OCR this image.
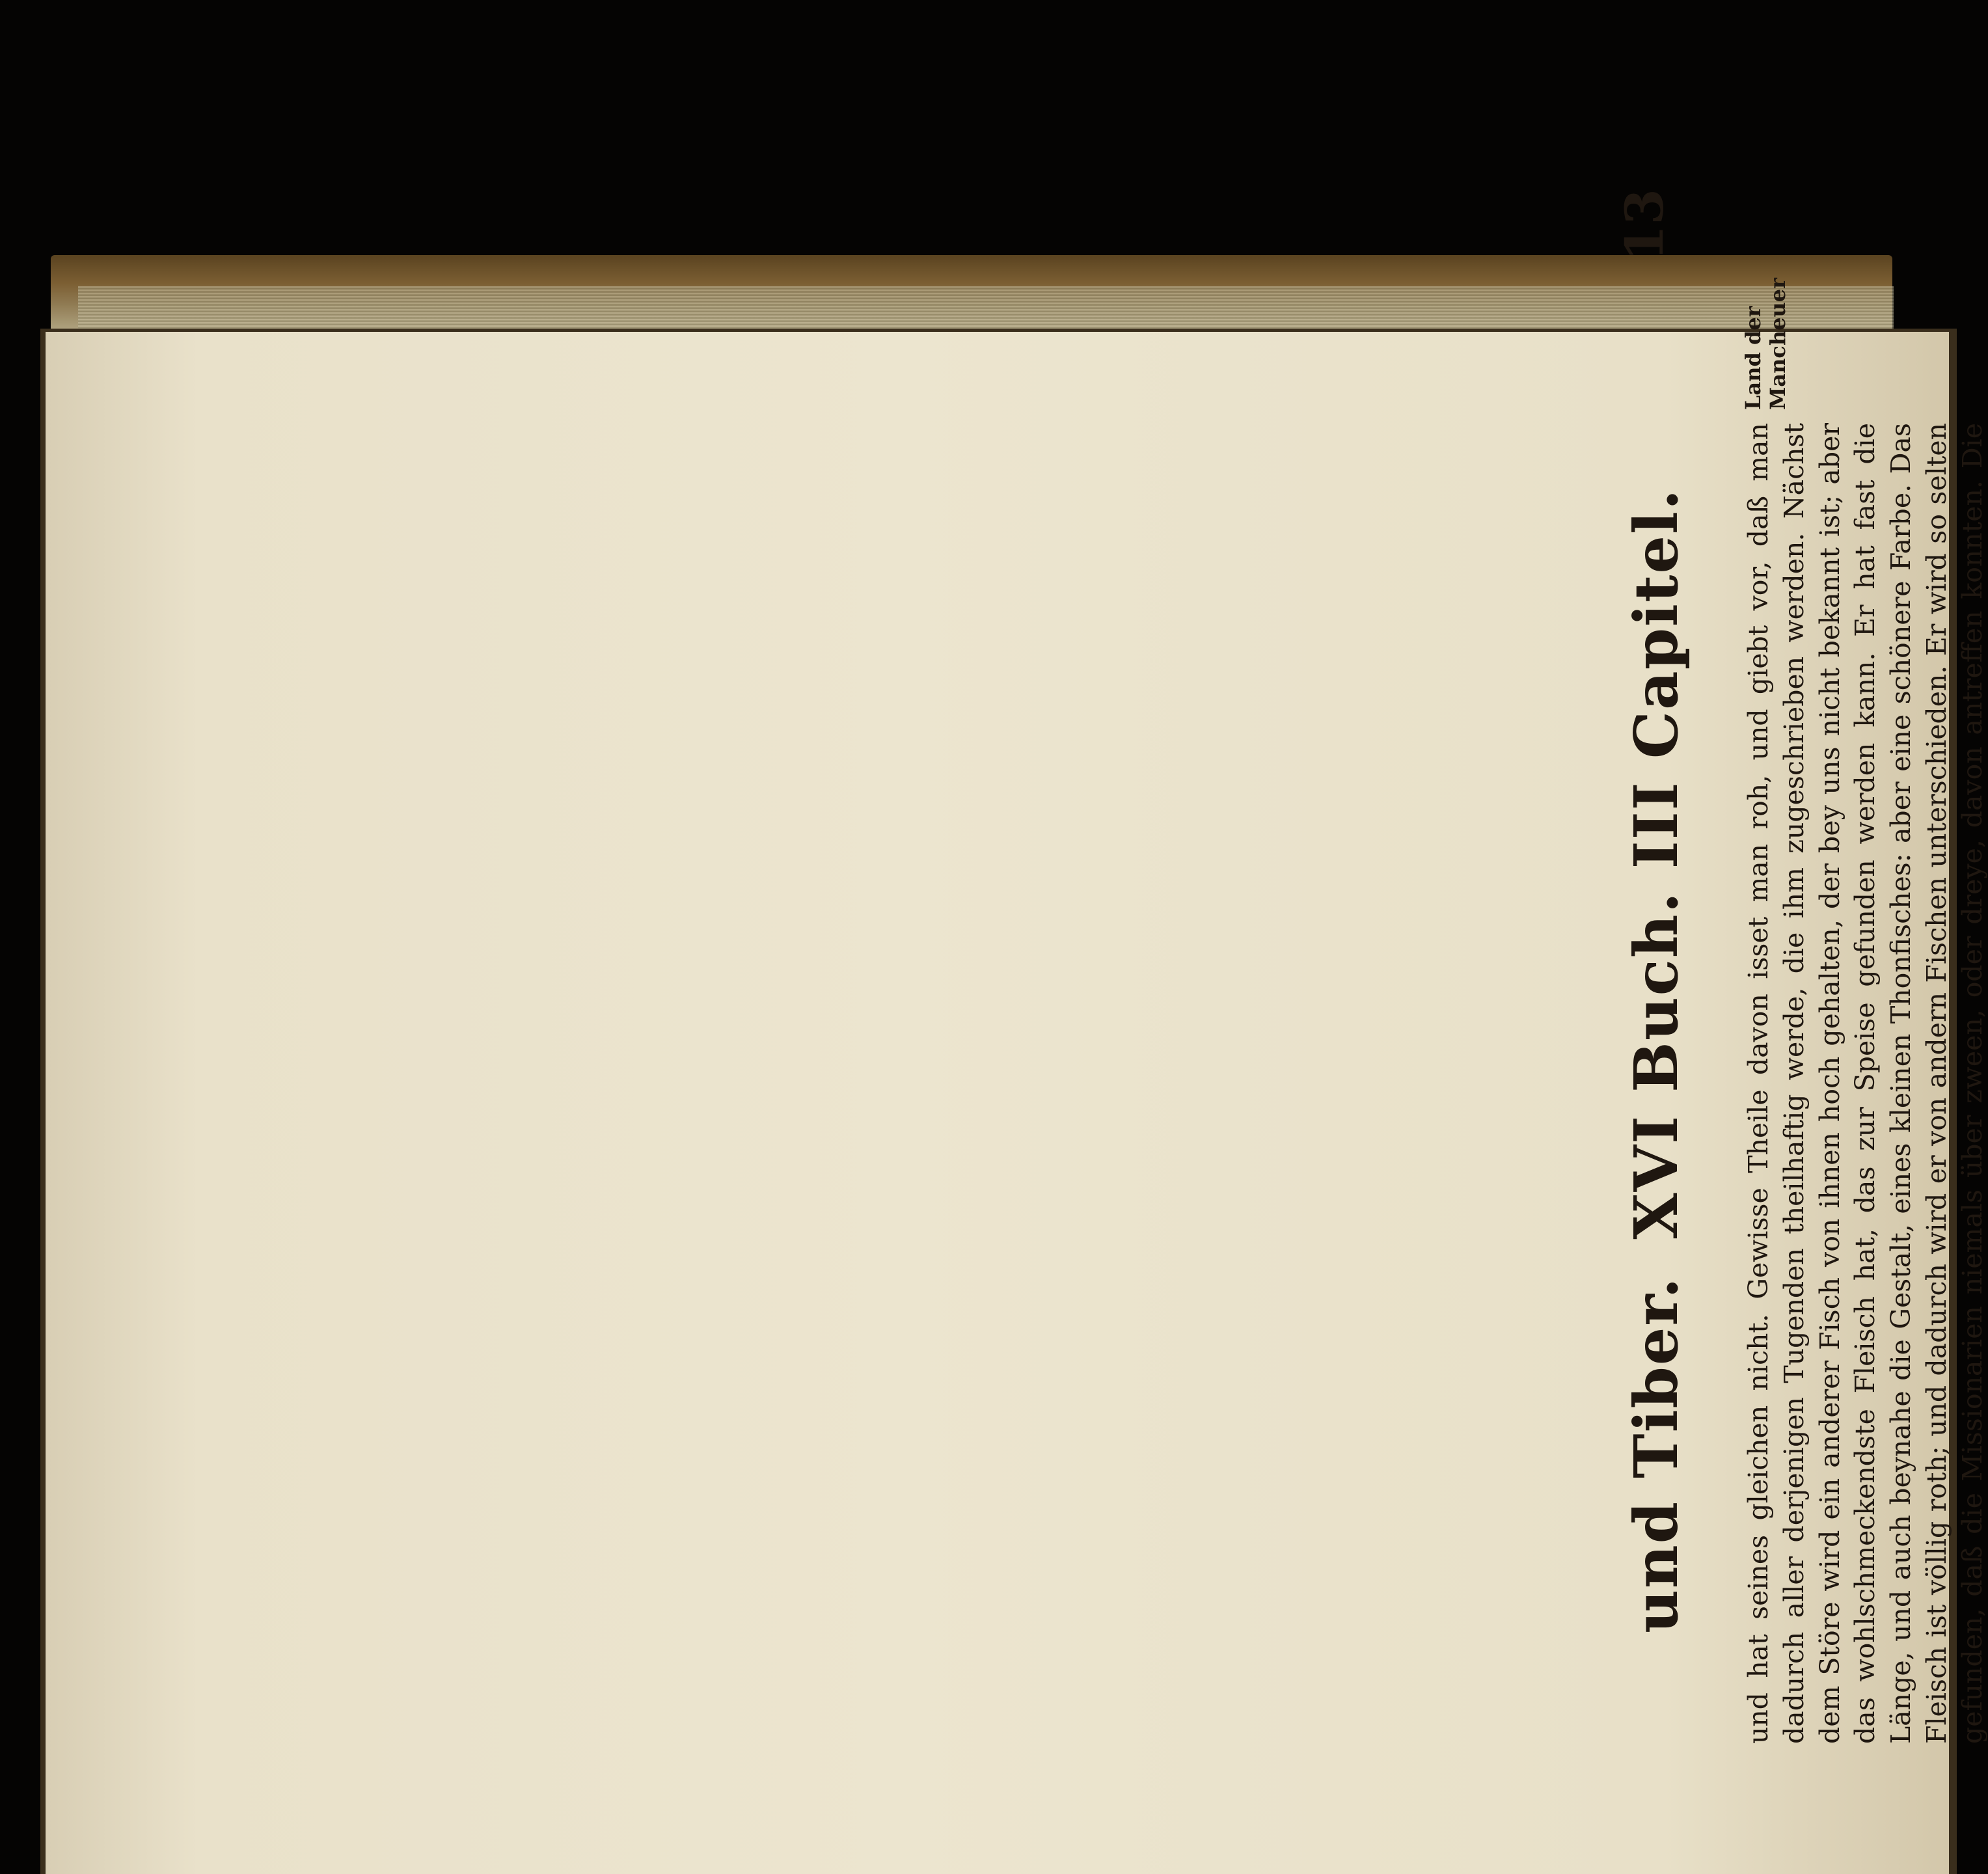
und Tiber.
XVI Buch. III Capitel.
13

und hat seines gleichen nicht. Gewisse Theile davon isset man roh, und giebt vor, daß man dadurch aller derjenigen Tugenden theilhaftig werde, die ihm zugeschrieben werden. Nächst dem Störe wird ein anderer Fisch von ihnen hoch gehalten, der bey uns nicht bekannt ist; aber das wohlschmeckendste Fleisch hat, das zur Speise gefunden werden kann. Er hat fast die Länge, und auch beynahe die Gestalt, eines kleinen Thonfisches: aber eine schönere Farbe. Das Fleisch ist völlig roth; und dadurch wird er von andern Fischen unterschieden. Er wird so selten gefunden, daß die Missionarien niemals über zween, oder dreye, davon antreffen konnten. Die

Land der Mancheuer
